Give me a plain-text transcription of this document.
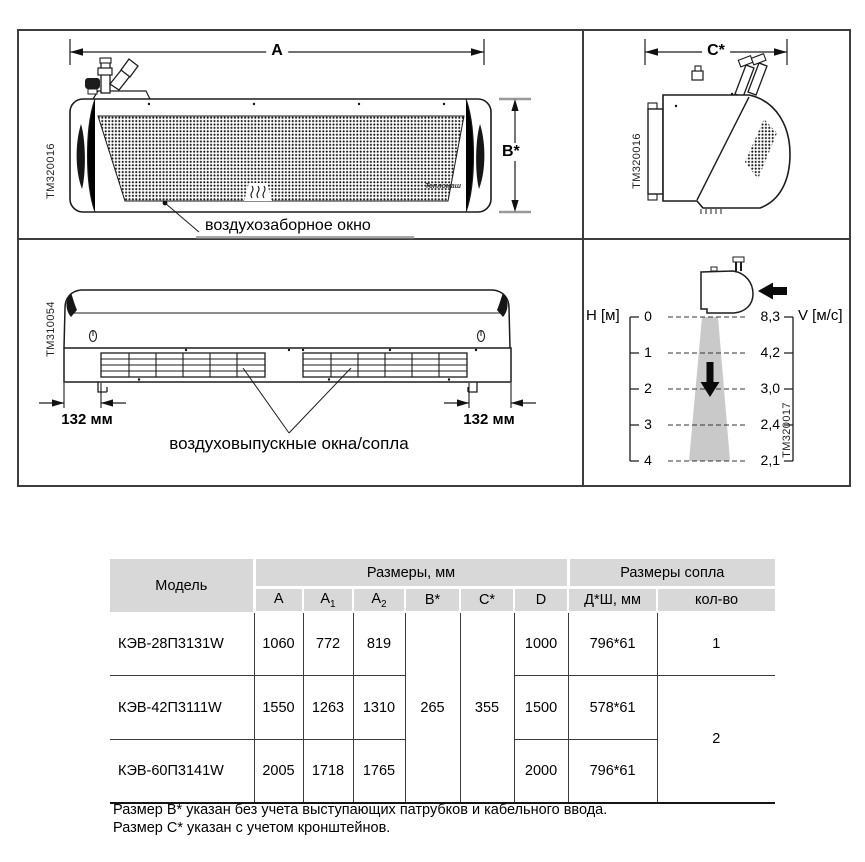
A
B*
ТМ320016
воздухозаборное окно
Тепломаш
C*
ТМ320016
132 мм	132 мм
воздуховыпускные окна/сопла
ТМ310054	H [м]	V [м/с]
0
1
2
3
4
8,3
4,2
3,0
2,4
2,1
ТМ320017
Модель	Размеры, мм						Размеры сопла	
	A	$A_1$	$A_2$	B*	C*	D	Д*Ш, мм	кол-во
КЭВ-28П3131W	1060	772	819	265	355	1000	796*61	1
КЭВ-42П3111W	1550	1263	1310			1500	578*61	2
КЭВ-60П3141W	2005	1718	1765			2000	796*61	
Размер B* указан без учета выступающих патрубков и кабельного ввода.
Размер C* указан с учетом кронштейнов.
